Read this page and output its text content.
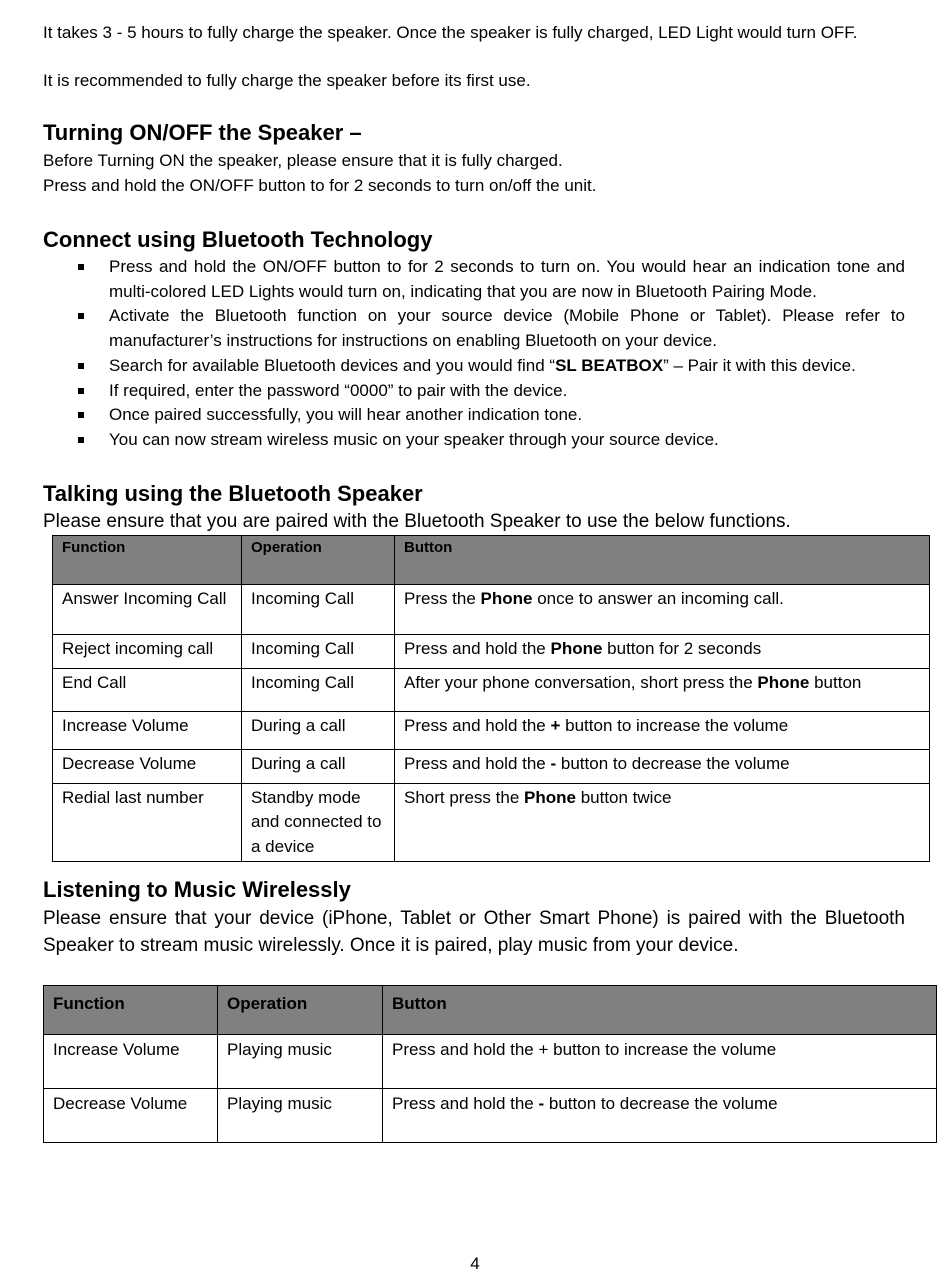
It takes 3 - 5 hours to fully charge the speaker. Once the speaker is fully charged, LED Light would turn OFF.

It is recommended to fully charge the speaker before its first use.

Turning ON/OFF the Speaker –

Before Turning ON the speaker, please ensure that it is fully charged.

Press and hold the ON/OFF button to for 2 seconds to turn on/off the unit.

Connect using Bluetooth Technology
Press and hold the ON/OFF button to for 2 seconds to turn on. You would hear an indication tone and multi-colored LED Lights would turn on, indicating that you are now in Bluetooth Pairing Mode.
Activate the Bluetooth function on your source device (Mobile Phone or Tablet). Please refer to manufacturer’s instructions for instructions on enabling Bluetooth on your device.
Search for available Bluetooth devices and you would find “SL BEATBOX” – Pair it with this device.
If required, enter the password “0000” to pair with the device.
Once paired successfully, you will hear another indication tone.
You can now stream wireless music on your speaker through your source device.
Talking using the Bluetooth Speaker

Please ensure that you are paired with the Bluetooth Speaker to use the below functions.

Function	Operation	Button
Answer Incoming Call	Incoming Call	Press the Phone once to answer an incoming call.
Reject incoming call	Incoming Call	Press and hold the Phone button for 2 seconds
End Call	Incoming Call	After your phone conversation, short press the Phone button
Increase Volume	During a call	Press and hold the + button to increase the volume
Decrease Volume	During a call	Press and hold the - button to decrease the volume
Redial last number	Standby mode and connected to a device	Short press the Phone button twice
Listening to Music Wirelessly

Please ensure that your device (iPhone, Tablet or Other Smart Phone) is paired with the Bluetooth Speaker to stream music wirelessly. Once it is paired, play music from your device.

Function	Operation	Button
Increase Volume	Playing music	Press and hold the + button to increase the volume
Decrease Volume	Playing music	Press and hold the - button to decrease the volume
4
